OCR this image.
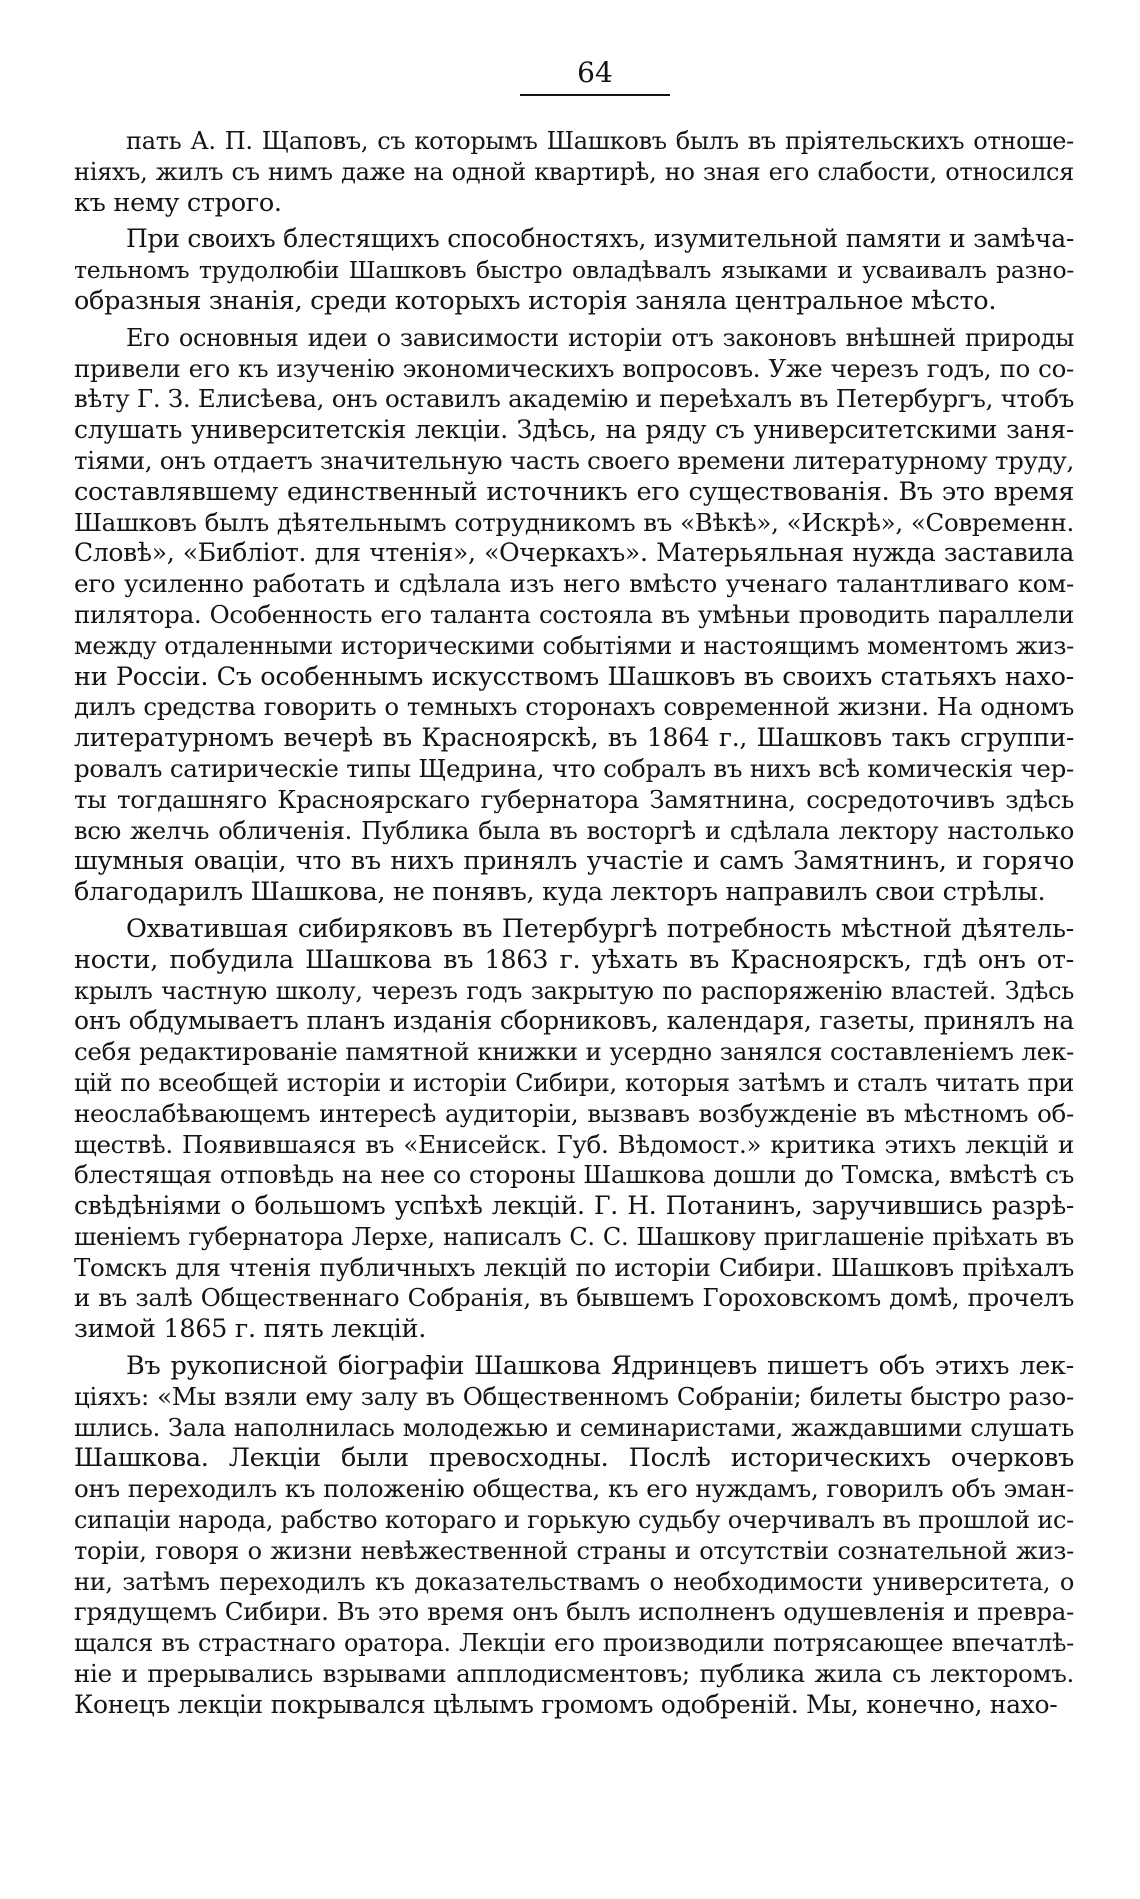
64
пать А. П. Щаповъ, съ которымъ Шашковъ былъ въ пріятельскихъ отноше-
ніяхъ, жилъ съ нимъ даже на одной квартирѣ, но зная его слабости, относился
къ нему строго.
При своихъ блестящихъ способностяхъ, изумительной памяти и замѣча-
тельномъ трудолюбіи Шашковъ быстро овладѣвалъ языками и усваивалъ разно-
образныя знанія, среди которыхъ исторія заняла центральное мѣсто.
Его основныя идеи о зависимости исторіи отъ законовъ внѣшней природы
привели его къ изученію экономическихъ вопросовъ. Уже черезъ годъ, по со-
вѣту Г. З. Елисѣева, онъ оставилъ академію и переѣхалъ въ Петербургъ, чтобъ
слушать университетскія лекціи. Здѣсь, на ряду съ университетскими заня-
тіями, онъ отдаетъ значительную часть своего времени литературному труду,
составлявшему единственный источникъ его существованія. Въ это время
Шашковъ былъ дѣятельнымъ сотрудникомъ въ «Вѣкѣ», «Искрѣ», «Современн.
Словѣ», «Библіот. для чтенія», «Очеркахъ». Матерьяльная нужда заставила
его усиленно работать и сдѣлала изъ него вмѣсто ученаго талантливаго ком-
пилятора. Особенность его таланта состояла въ умѣньи проводить параллели
между отдаленными историческими событіями и настоящимъ моментомъ жиз-
ни Россіи. Съ особеннымъ искусствомъ Шашковъ въ своихъ статьяхъ нахо-
дилъ средства говорить о темныхъ сторонахъ современной жизни. На одномъ
литературномъ вечерѣ въ Красноярскѣ, въ 1864 г., Шашковъ такъ сгруппи-
ровалъ сатирическіе типы Щедрина, что собралъ въ нихъ всѣ комическія чер-
ты тогдашняго Красноярскаго губернатора Замятнина, сосредоточивъ здѣсь
всю желчь обличенія. Публика была въ восторгѣ и сдѣлала лектору настолько
шумныя оваціи, что въ нихъ принялъ участіе и самъ Замятнинъ, и горячо
благодарилъ Шашкова, не понявъ, куда лекторъ направилъ свои стрѣлы.
Охватившая сибиряковъ въ Петербургѣ потребность мѣстной дѣятель-
ности, побудила Шашкова въ 1863 г. уѣхать въ Красноярскъ, гдѣ онъ от-
крылъ частную школу, черезъ годъ закрытую по распоряженію властей. Здѣсь
онъ обдумываетъ планъ изданія сборниковъ, календаря, газеты, принялъ на
себя редактированіе памятной книжки и усердно занялся составленіемъ лек-
цій по всеобщей исторіи и исторіи Сибири, которыя затѣмъ и сталъ читать при
неослабѣвающемъ интересѣ аудиторіи, вызвавъ возбужденіе въ мѣстномъ об-
ществѣ. Появившаяся въ «Енисейск. Губ. Вѣдомост.» критика этихъ лекцій и
блестящая отповѣдь на нее со стороны Шашкова дошли до Томска, вмѣстѣ съ
свѣдѣніями о большомъ успѣхѣ лекцій. Г. Н. Потанинъ, заручившись разрѣ-
шеніемъ губернатора Лерхе, написалъ С. С. Шашкову приглашеніе пріѣхать въ
Томскъ для чтенія публичныхъ лекцій по исторіи Сибири. Шашковъ пріѣхалъ
и въ залѣ Общественнаго Собранія, въ бывшемъ Гороховскомъ домѣ, прочелъ
зимой 1865 г. пять лекцій.
Въ рукописной біографіи Шашкова Ядринцевъ пишетъ объ этихъ лек-
ціяхъ: «Мы взяли ему залу въ Общественномъ Собраніи; билеты быстро разо-
шлись. Зала наполнилась молодежью и семинаристами, жаждавшими слушать
Шашкова. Лекціи были превосходны. Послѣ историческихъ очерковъ
онъ переходилъ къ положенію общества, къ его нуждамъ, говорилъ объ эман-
сипаціи народа, рабство котораго и горькую судьбу очерчивалъ въ прошлой ис-
торіи, говоря о жизни невѣжественной страны и отсутствіи сознательной жиз-
ни, затѣмъ переходилъ къ доказательствамъ о необходимости университета, о
грядущемъ Сибири. Въ это время онъ былъ исполненъ одушевленія и превра-
щался въ страстнаго оратора. Лекціи его производили потрясающее впечатлѣ-
ніе и прерывались взрывами апплодисментовъ; публика жила съ лекторомъ.
Конецъ лекціи покрывался цѣлымъ громомъ одобреній. Мы, конечно, нахо-
